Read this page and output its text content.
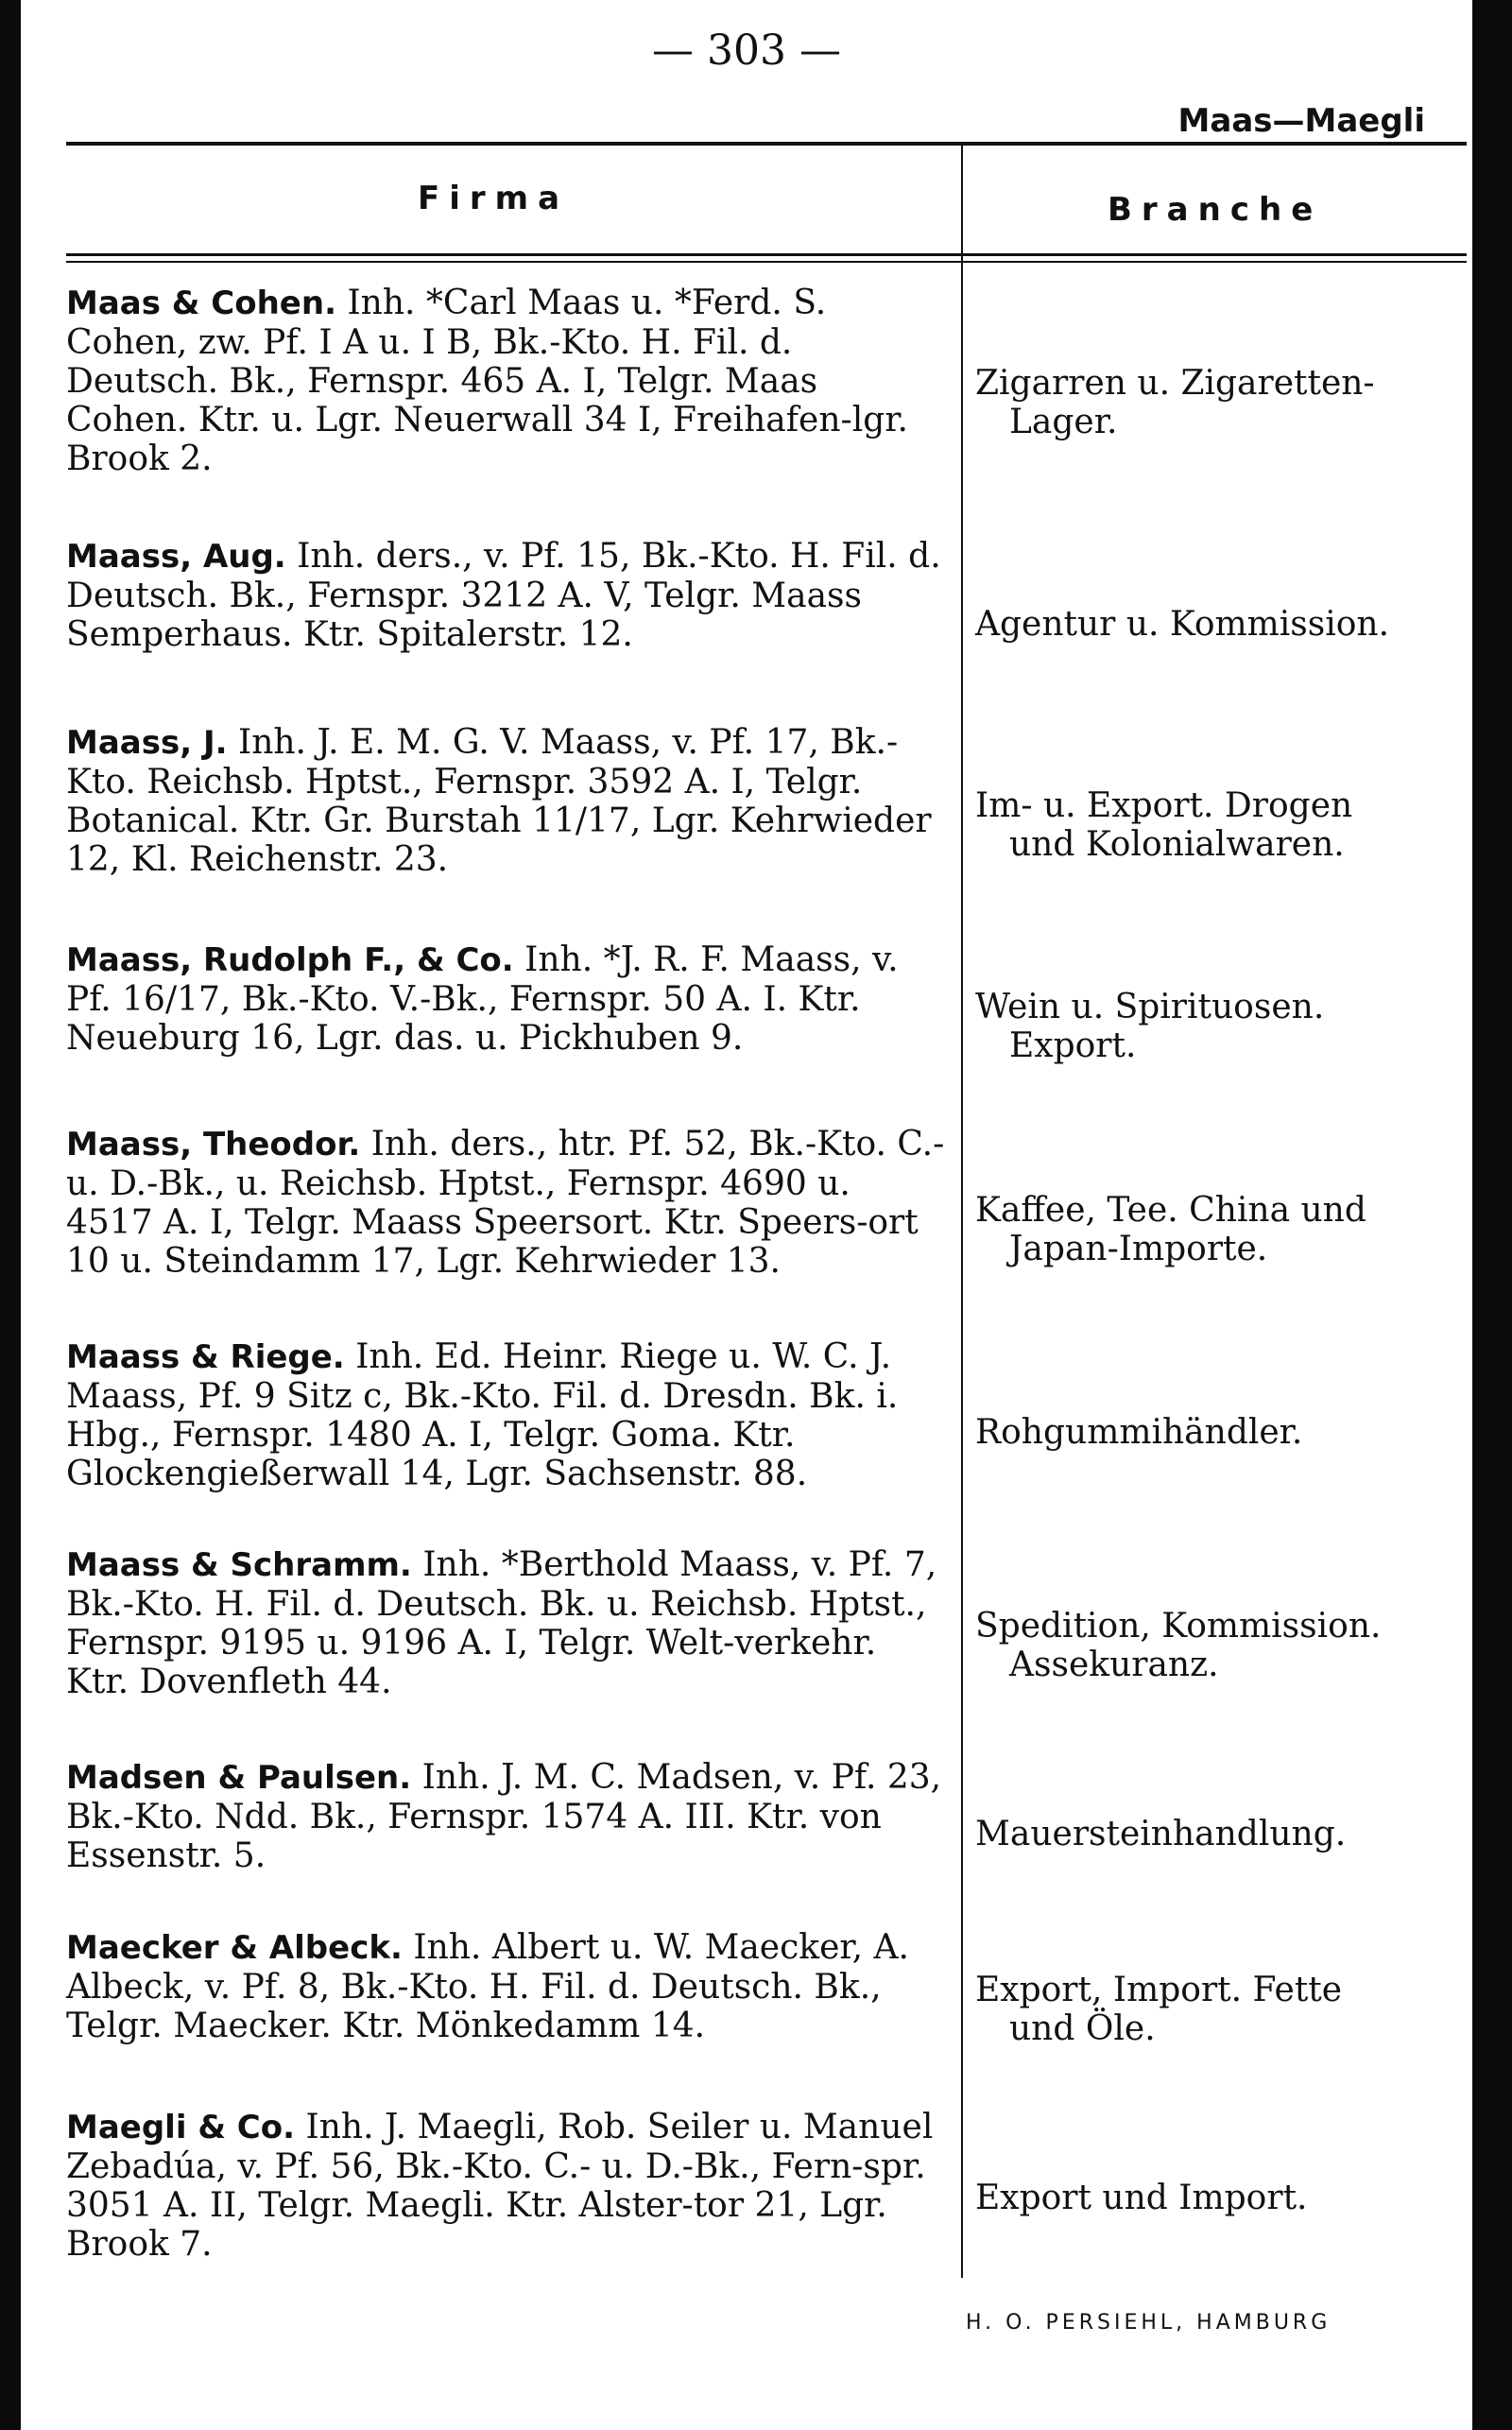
— 303 —
Maas—Maegli
Firma	Branche
Maas & Cohen. Inh. *Carl Maas u. *Ferd. S. Cohen, zw. Pf. I A u. I B, Bk.-Kto. H. Fil. d. Deutsch. Bk., Fernspr. 465 A. I, Telgr. Maas Cohen. Ktr. u. Lgr. Neuerwall 34 I, Freihafen-lgr. Brook 2.
Zigarren u. Zigaretten-
Lager.
Maass, Aug. Inh. ders., v. Pf. 15, Bk.-Kto. H. Fil. d. Deutsch. Bk., Fernspr. 3212 A. V, Telgr. Maass Semperhaus. Ktr. Spitalerstr. 12.	Agentur u. Kommission.
Maass, J. Inh. J. E. M. G. V. Maass, v. Pf. 17, Bk.-Kto. Reichsb. Hptst., Fernspr. 3592 A. I, Telgr. Botanical. Ktr. Gr. Burstah 11/17, Lgr. Kehrwieder 12, Kl. Reichenstr. 23.
Im- u. Export. Drogen
und Kolonialwaren.
Maass, Rudolph F., & Co. Inh. *J. R. F. Maass, v. Pf. 16/17, Bk.-Kto. V.-Bk., Fernspr. 50 A. I. Ktr. Neueburg 16, Lgr. das. u. Pickhuben 9.
Wein u. Spirituosen.
Export.
Maass, Theodor. Inh. ders., htr. Pf. 52, Bk.-Kto. C.- u. D.-Bk., u. Reichsb. Hptst., Fernspr. 4690 u. 4517 A. I, Telgr. Maass Speersort. Ktr. Speers-ort 10 u. Steindamm 17, Lgr. Kehrwieder 13.
Kaffee, Tee. China und
Japan-Importe.
Maass & Riege. Inh. Ed. Heinr. Riege u. W. C. J. Maass, Pf. 9 Sitz c, Bk.-Kto. Fil. d. Dresdn. Bk. i. Hbg., Fernspr. 1480 A. I, Telgr. Goma. Ktr. Glockengießerwall 14, Lgr. Sachsenstr. 88.
Rohgummihändler.
Maass & Schramm. Inh. *Berthold Maass, v. Pf. 7, Bk.-Kto. H. Fil. d. Deutsch. Bk. u. Reichsb. Hptst., Fernspr. 9195 u. 9196 A. I, Telgr. Welt-verkehr. Ktr. Dovenfleth 44.
Spedition, Kommission.
Assekuranz.
Madsen & Paulsen. Inh. J. M. C. Madsen, v. Pf. 23, Bk.-Kto. Ndd. Bk., Fernspr. 1574 A. III. Ktr. von Essenstr. 5.
Mauersteinhandlung.
Maecker & Albeck. Inh. Albert u. W. Maecker, A. Albeck, v. Pf. 8, Bk.-Kto. H. Fil. d. Deutsch. Bk., Telgr. Maecker. Ktr. Mönkedamm 14.
Export, Import. Fette
und Öle.
Maegli & Co. Inh. J. Maegli, Rob. Seiler u. Manuel Zebadúa, v. Pf. 56, Bk.-Kto. C.- u. D.-Bk., Fern-spr. 3051 A. II, Telgr. Maegli. Ktr. Alster-tor 21, Lgr. Brook 7.
Export und Import.
H. O. PERSIEHL, HAMBURG
